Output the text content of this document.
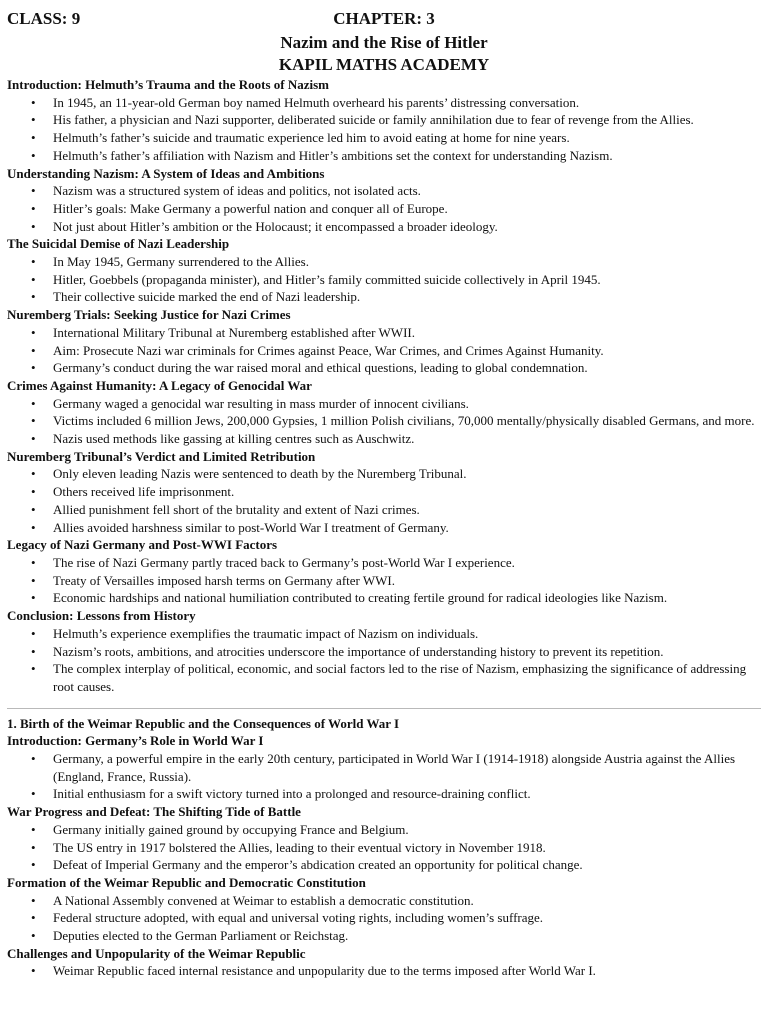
CLASS: 9	CHAPTER: 3
Nazim and the Rise of Hitler
KAPIL MATHS ACADEMY
Introduction: Helmuth’s Trauma and the Roots of Nazism
• In 1945, an 11-year-old German boy named Helmuth overheard his parents’ distressing conversation.
• His father, a physician and Nazi supporter, deliberated suicide or family annihilation due to fear of revenge from the Allies.
• Helmuth’s father’s suicide and traumatic experience led him to avoid eating at home for nine years.
• Helmuth’s father’s affiliation with Nazism and Hitler’s ambitions set the context for understanding Nazism.
Understanding Nazism: A System of Ideas and Ambitions
• Nazism was a structured system of ideas and politics, not isolated acts.
• Hitler’s goals: Make Germany a powerful nation and conquer all of Europe.
• Not just about Hitler’s ambition or the Holocaust; it encompassed a broader ideology.
The Suicidal Demise of Nazi Leadership
• In May 1945, Germany surrendered to the Allies.
• Hitler, Goebbels (propaganda minister), and Hitler’s family committed suicide collectively in April 1945.
• Their collective suicide marked the end of Nazi leadership.
Nuremberg Trials: Seeking Justice for Nazi Crimes
• International Military Tribunal at Nuremberg established after WWII.
• Aim: Prosecute Nazi war criminals for Crimes against Peace, War Crimes, and Crimes Against Humanity.
• Germany’s conduct during the war raised moral and ethical questions, leading to global condemnation.
Crimes Against Humanity: A Legacy of Genocidal War
• Germany waged a genocidal war resulting in mass murder of innocent civilians.
• Victims included 6 million Jews, 200,000 Gypsies, 1 million Polish civilians, 70,000 mentally/physically disabled Germans, and more.
• Nazis used methods like gassing at killing centres such as Auschwitz.
Nuremberg Tribunal’s Verdict and Limited Retribution
• Only eleven leading Nazis were sentenced to death by the Nuremberg Tribunal.
• Others received life imprisonment.
• Allied punishment fell short of the brutality and extent of Nazi crimes.
• Allies avoided harshness similar to post-World War I treatment of Germany.
Legacy of Nazi Germany and Post-WWI Factors
• The rise of Nazi Germany partly traced back to Germany’s post-World War I experience.
• Treaty of Versailles imposed harsh terms on Germany after WWI.
• Economic hardships and national humiliation contributed to creating fertile ground for radical ideologies like Nazism.
Conclusion: Lessons from History
• Helmuth’s experience exemplifies the traumatic impact of Nazism on individuals.
• Nazism’s roots, ambitions, and atrocities underscore the importance of understanding history to prevent its repetition.
• The complex interplay of political, economic, and social factors led to the rise of Nazism, emphasizing the significance of addressing root causes.
1. Birth of the Weimar Republic and the Consequences of World War I
Introduction: Germany’s Role in World War I
• Germany, a powerful empire in the early 20th century, participated in World War I (1914-1918) alongside Austria against the Allies (England, France, Russia).
• Initial enthusiasm for a swift victory turned into a prolonged and resource-draining conflict.
War Progress and Defeat: The Shifting Tide of Battle
• Germany initially gained ground by occupying France and Belgium.
• The US entry in 1917 bolstered the Allies, leading to their eventual victory in November 1918.
• Defeat of Imperial Germany and the emperor’s abdication created an opportunity for political change.
Formation of the Weimar Republic and Democratic Constitution
• A National Assembly convened at Weimar to establish a democratic constitution.
• Federal structure adopted, with equal and universal voting rights, including women’s suffrage.
• Deputies elected to the German Parliament or Reichstag.
Challenges and Unpopularity of the Weimar Republic
• Weimar Republic faced internal resistance and unpopularity due to the terms imposed after World War I.
